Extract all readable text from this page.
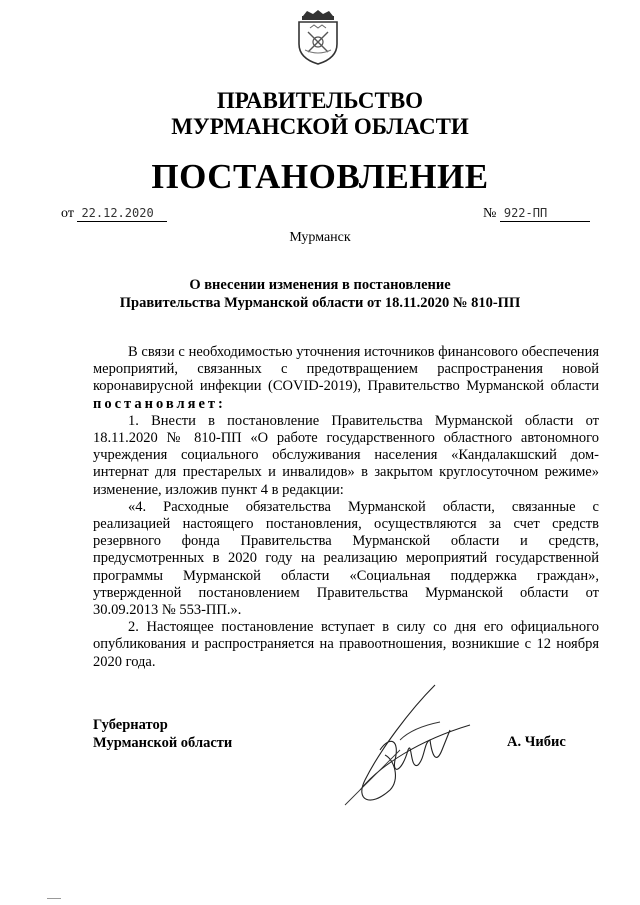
ПРАВИТЕЛЬСТВО
МУРМАНСКОЙ ОБЛАСТИ
ПОСТАНОВЛЕНИЕ
от 22.12.2020	№ 922-ПП
Мурманск
О внесении изменения в постановление
Правительства Мурманской области от 18.11.2020 № 810-ПП

В связи с необходимостью уточнения источников финансового обеспечения мероприятий, связанных с предотвращением распространения новой коронавирусной инфекции (COVID-2019), Правительство Мурманской области постановляет:

1. Внести в постановление Правительства Мурманской области от 18.11.2020 № 810-ПП «О работе государственного областного автономного учреждения социального обслуживания населения «Кандалакшский дом-интернат для престарелых и инвалидов» в закрытом круглосуточном режиме» изменение, изложив пункт 4 в редакции:

«4. Расходные обязательства Мурманской области, связанные с реализацией настоящего постановления, осуществляются за счет средств резервного фонда Правительства Мурманской области и средств, предусмотренных в 2020 году на реализацию мероприятий государственной программы Мурманской области «Социальная поддержка граждан», утвержденной постановлением Правительства Мурманской области от 30.09.2013 № 553-ПП.».

2. Настоящее постановление вступает в силу со дня его официального опубликования и распространяется на правоотношения, возникшие с 12 ноября 2020 года.

Губернатор
Мурманской области	А. Чибис
